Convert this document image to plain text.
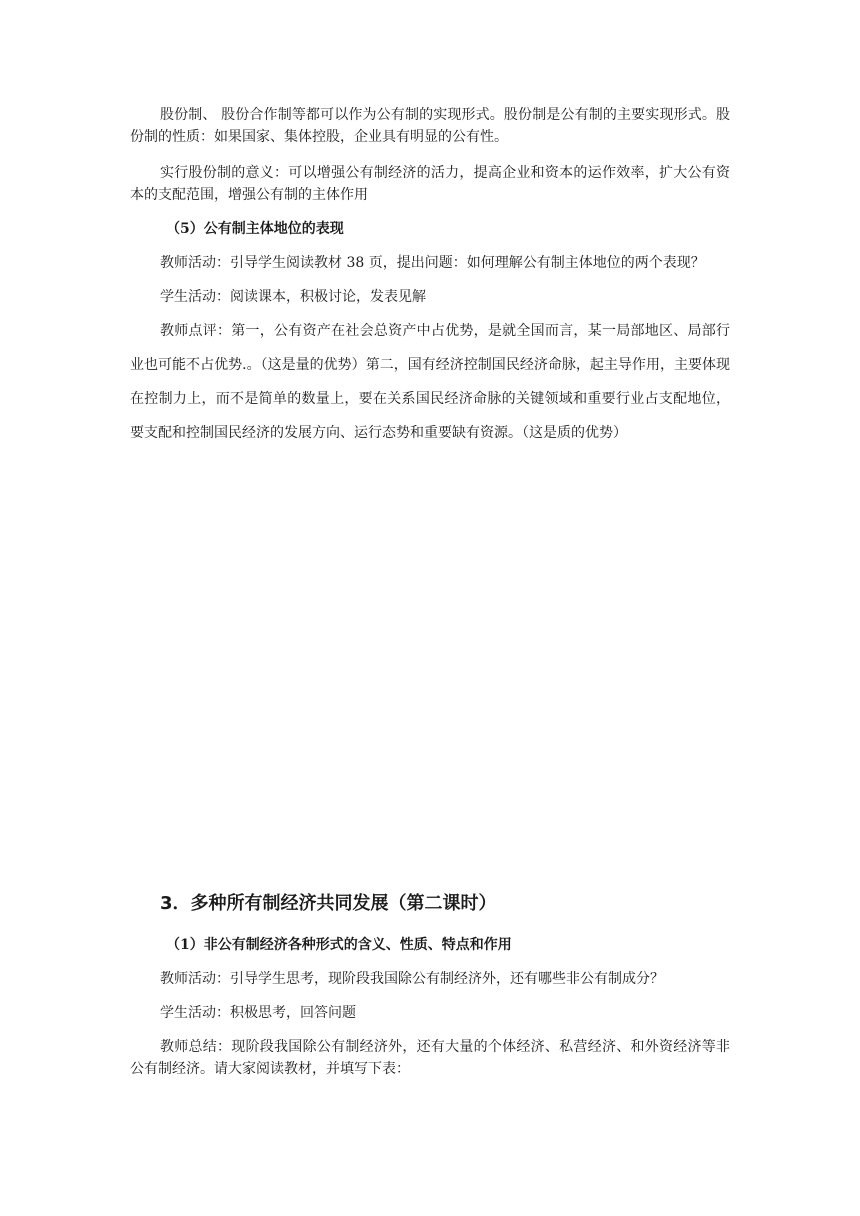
股份制、 股份合作制等都可以作为公有制的实现形式。股份制是公有制的主要实现形式。股份制的性质：如果国家、集体控股，企业具有明显的公有性。

实行股份制的意义：可以增强公有制经济的活力，提高企业和资本的运作效率，扩大公有资本的支配范围，增强公有制的主体作用

（5）公有制主体地位的表现

教师活动：引导学生阅读教材 38 页，提出问题：如何理解公有制主体地位的两个表现？

学生活动：阅读课本，积极讨论，发表见解

教师点评：第一，公有资产在社会总资产中占优势，是就全国而言，某一局部地区、局部行业也可能不占优势.。（这是量的优势）第二，国有经济控制国民经济命脉，起主导作用，主要体现在控制力上，而不是简单的数量上，要在关系国民经济命脉的关键领域和重要行业占支配地位，要支配和控制国民经济的发展方向、运行态势和重要缺有资源。（这是质的优势）

3．多种所有制经济共同发展（第二课时）

（1）非公有制经济各种形式的含义、性质、特点和作用

教师活动：引导学生思考，现阶段我国除公有制经济外，还有哪些非公有制成分？

学生活动：积极思考，回答问题

教师总结：现阶段我国除公有制经济外，还有大量的个体经济、私营经济、和外资经济等非公有制经济。请大家阅读教材，并填写下表：
